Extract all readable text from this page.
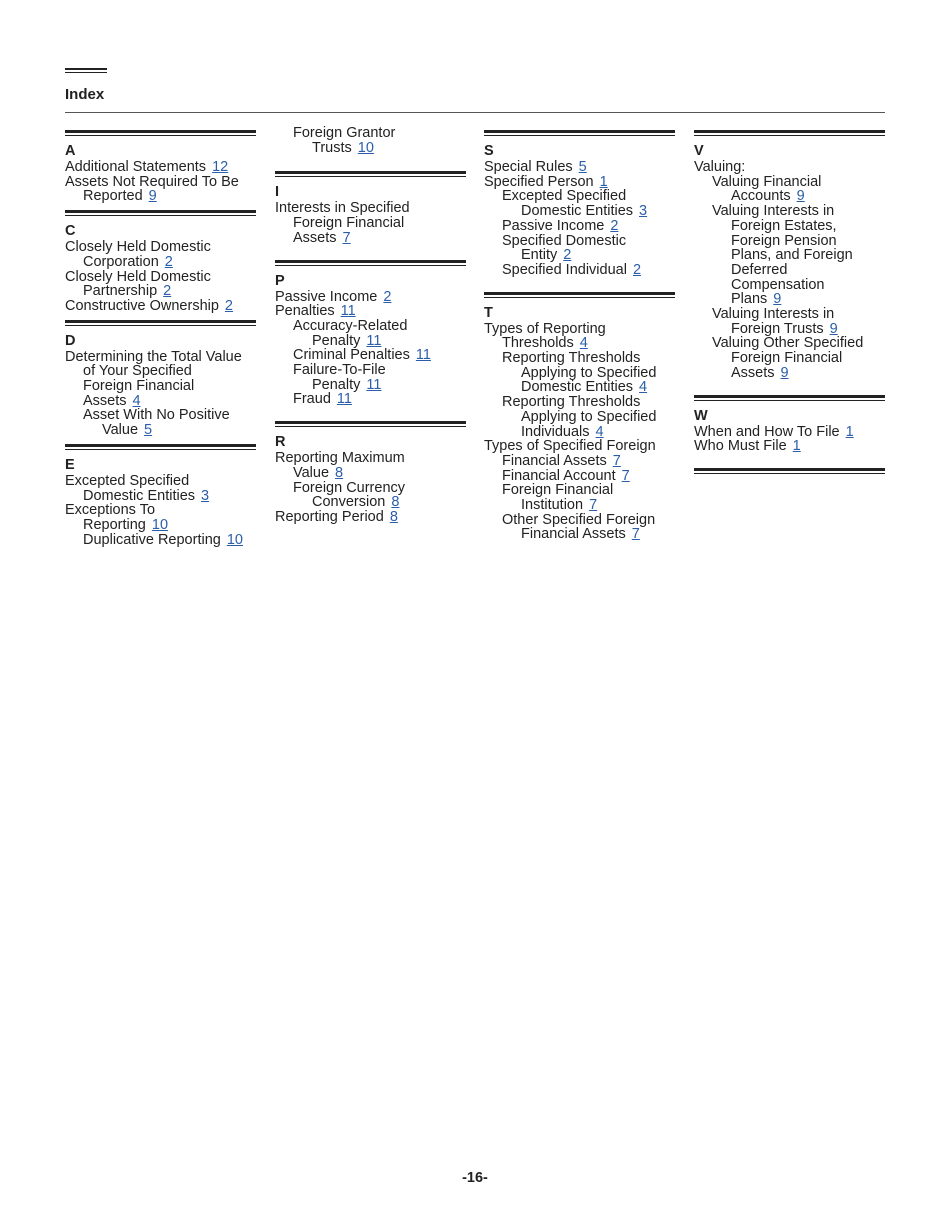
Index
A
Additional Statements 12
Assets Not Required To Be
Reported 9
C
Closely Held Domestic
Corporation 2
Closely Held Domestic
Partnership 2
Constructive Ownership 2
D
Determining the Total Value
of Your Specified
Foreign Financial
Assets 4
Asset With No Positive
Value 5
E
Excepted Specified
Domestic Entities 3
Exceptions To
Reporting 10
Duplicative Reporting 10
Foreign Grantor
Trusts 10
I
Interests in Specified
Foreign Financial
Assets 7
P
Passive Income 2
Penalties 11
Accuracy-Related
Penalty 11
Criminal Penalties 11
Failure-To-File
Penalty 11
Fraud 11
R
Reporting Maximum
Value 8
Foreign Currency
Conversion 8
Reporting Period 8
S
Special Rules 5
Specified Person 1
Excepted Specified
Domestic Entities 3
Passive Income 2
Specified Domestic
Entity 2
Specified Individual 2
T
Types of Reporting
Thresholds 4
Reporting Thresholds
Applying to Specified
Domestic Entities 4
Reporting Thresholds
Applying to Specified
Individuals 4
Types of Specified Foreign
Financial Assets 7
Financial Account 7
Foreign Financial
Institution 7
Other Specified Foreign
Financial Assets 7
V
Valuing:
Valuing Financial
Accounts 9
Valuing Interests in
Foreign Estates,
Foreign Pension
Plans, and Foreign
Deferred
Compensation
Plans 9
Valuing Interests in
Foreign Trusts 9
Valuing Other Specified
Foreign Financial
Assets 9
W
When and How To File 1
Who Must File 1
-16-
